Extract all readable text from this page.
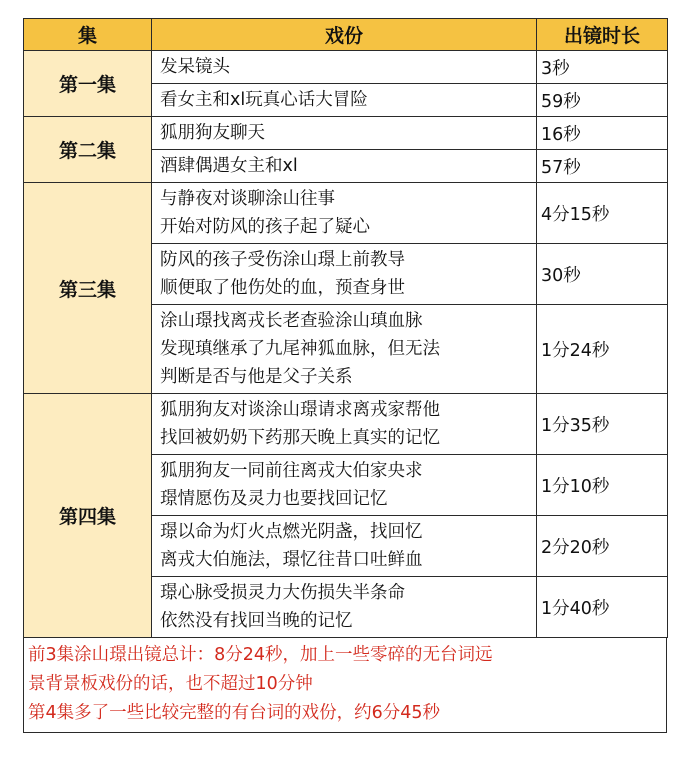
集	戏份	出镜时长
第一集	发呆镜头	3秒

	看女主和xl玩真心话大冒险	59秒
第二集	狐朋狗友聊天	16秒

	酒肆偶遇女主和xl	57秒
第三集	与静夜对谈聊涂山往事
开始对防风的孩子起了疑心	4分15秒

	防风的孩子受伤涂山璟上前教导
顺便取了他伤处的血，预查身世	30秒

	涂山璟找离戎长老查验涂山瑱血脉
发现瑱继承了九尾神狐血脉，但无法
判断是否与他是父子关系	1分24秒
第四集	狐朋狗友对谈涂山璟请求离戎家帮他
找回被奶奶下药那天晚上真实的记忆	1分35秒

	狐朋狗友一同前往离戎大伯家央求
璟情愿伤及灵力也要找回记忆	1分10秒

	璟以命为灯火点燃光阴盏，找回忆
离戎大伯施法，璟忆往昔口吐鲜血	2分20秒

	璟心脉受损灵力大伤损失半条命
依然没有找回当晚的记忆	1分40秒
前3集涂山璟出镜总计：8分24秒，加上一些零碎的无台词远
景背景板戏份的话，也不超过10分钟
第4集多了一些比较完整的有台词的戏份，约6分45秒
